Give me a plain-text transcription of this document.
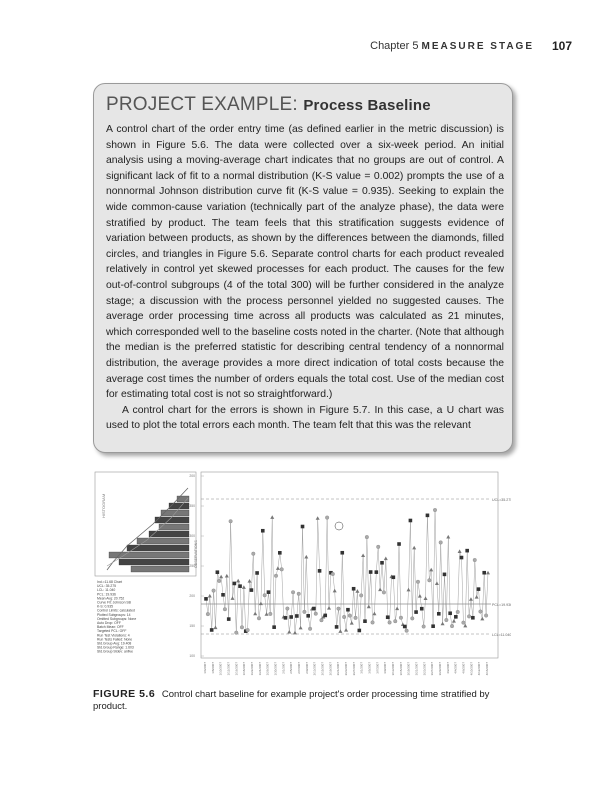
Chapter 5 MEASURE STAGE 107
PROJECT EXAMPLE: Process Baseline

A control chart of the order entry time (as defined earlier in the metric discussion) is shown in Figure 5.6. The data were collected over a six-week period. An initial analysis using a moving-average chart indicates that no groups are out of control. A significant lack of fit to a normal distribution (K-S value = 0.002) prompts the use of a nonnormal Johnson distribution curve fit (K-S value = 0.935). Seeking to explain the wide common-cause variation (technically part of the analyze phase), the data were stratified by product. The team feels that this stratification suggests evidence of variation between products, as shown by the differences between the diamonds, filled circles, and triangles in Figure 5.6. Separate control charts for each product revealed relatively in control yet skewed processes for each product. The causes for the few out-of-control subgroups (4 of the total 300) will be further considered in the analyze stage; a discussion with the process personnel yielded no suggested causes. The average order processing time across all products was calculated as 21 minutes, which corresponded well to the baseline costs noted in the charter. (Note that although the median is the preferred statistic for describing central tendency of a nonnormal distribution, the average provides a more direct indication of total costs because the average cost times the number of orders equals the total cost. Use of the median cost for estimating total cost is not so straightforward.)

A control chart for the errors is shown in Figure 5.7. In this case, a U chart was used to plot the total errors each month. The team felt that this was the relevant

HISTOGRAM
Ind.=11.68 Chart
UCL: 35.275
LCL: 11.040
PCL: 19.936
Mean Avg: 20.752
Curve Fit: Johnson SB
K-S: 0.935
Control Limits: calculated
Plotted Subgroups: 14
Omitted Subgroups: None
Auto Drop: OFF
Batch Mean: OFF
Targeted PCL: OFF
Run Test Violations: 4
Run Tests Failed: None
Std.Group Avg: 19.408
Std.Group Range: 1.603
Std.Group Stdev: anfive
OBSERVATIONS
200
350
300
250
200
150
100
UCL=35.275
PCL=19.936
LCL=11.040
1/4/2007 1/8/2007 1/10/2007 1/12/2007 1/16/2007 1/18/2007 1/22/2007 1/24/2007 1/26/2007 1/30/2007 2/1/2007 2/5/2007 2/7/2007 2/9/2007 2/13/2007 2/15/2007 2/19/2007 2/21/2007 2/23/2007 2/27/2007 3/1/2007 3/5/2007 3/7/2007 3/9/2007 3/13/2007 3/15/2007 3/19/2007 3/21/2007 3/23/2007 3/27/2007 3/29/2007 4/2/2007 4/4/2007 4/6/2007 4/10/2007 4/12/2007 4/16/2007
FIGURE 5.6 Control chart baseline for example project's order processing time stratified by product.
